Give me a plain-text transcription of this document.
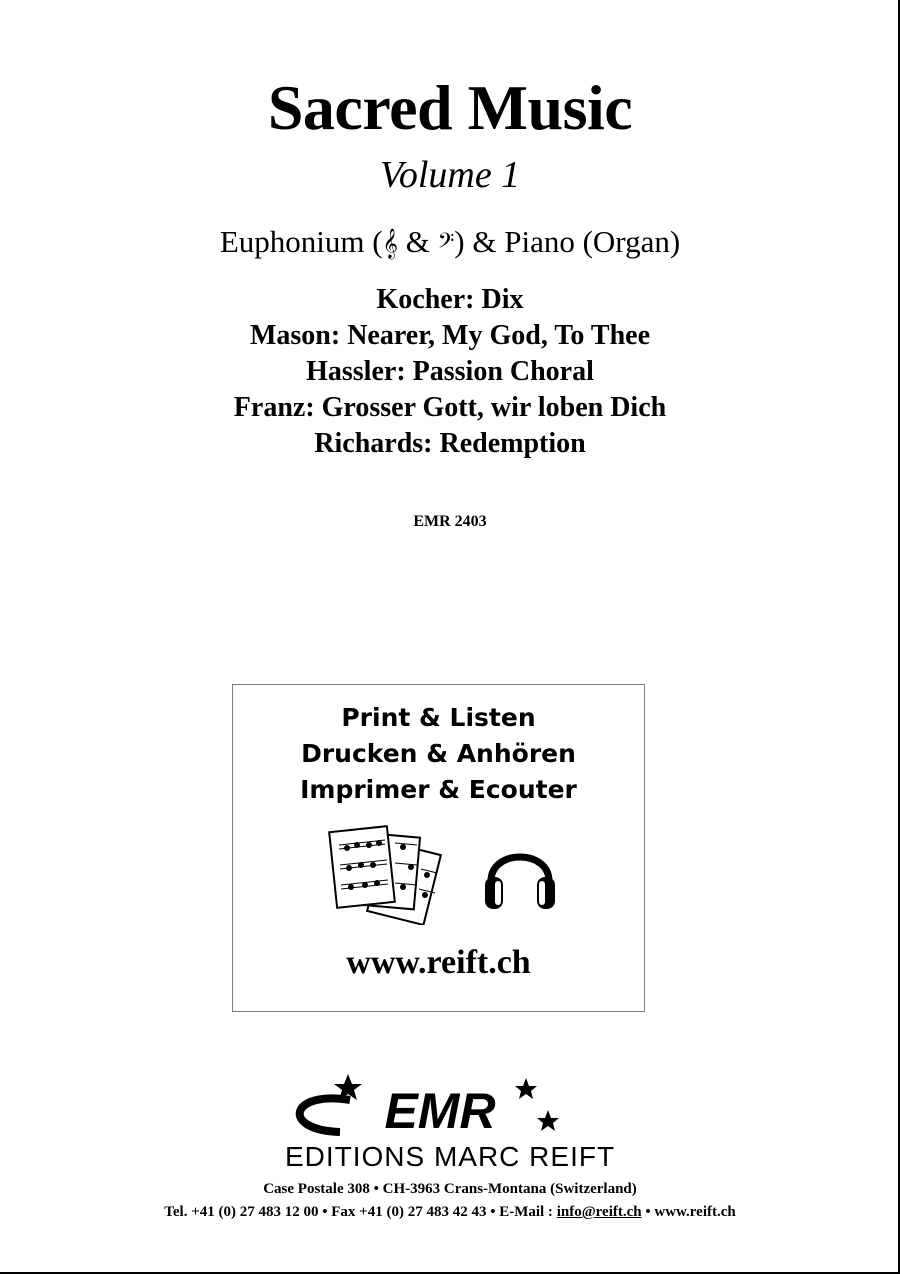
Sacred Music
Volume 1
Euphonium (𝄞 & 𝄢) & Piano (Organ)
Kocher: Dix
Mason: Nearer, My God, To Thee
Hassler: Passion Choral
Franz: Grosser Gott, wir loben Dich
Richards: Redemption
EMR 2403
Print & Listen
Drucken & Anhören
Imprimer & Ecouter
www.reift.ch
EMR
EDITIONS MARC REIFT
Case Postale 308 • CH-3963 Crans-Montana (Switzerland)
Tel. +41 (0) 27 483 12 00 • Fax +41 (0) 27 483 42 43 • E-Mail : info@reift.ch • www.reift.ch
